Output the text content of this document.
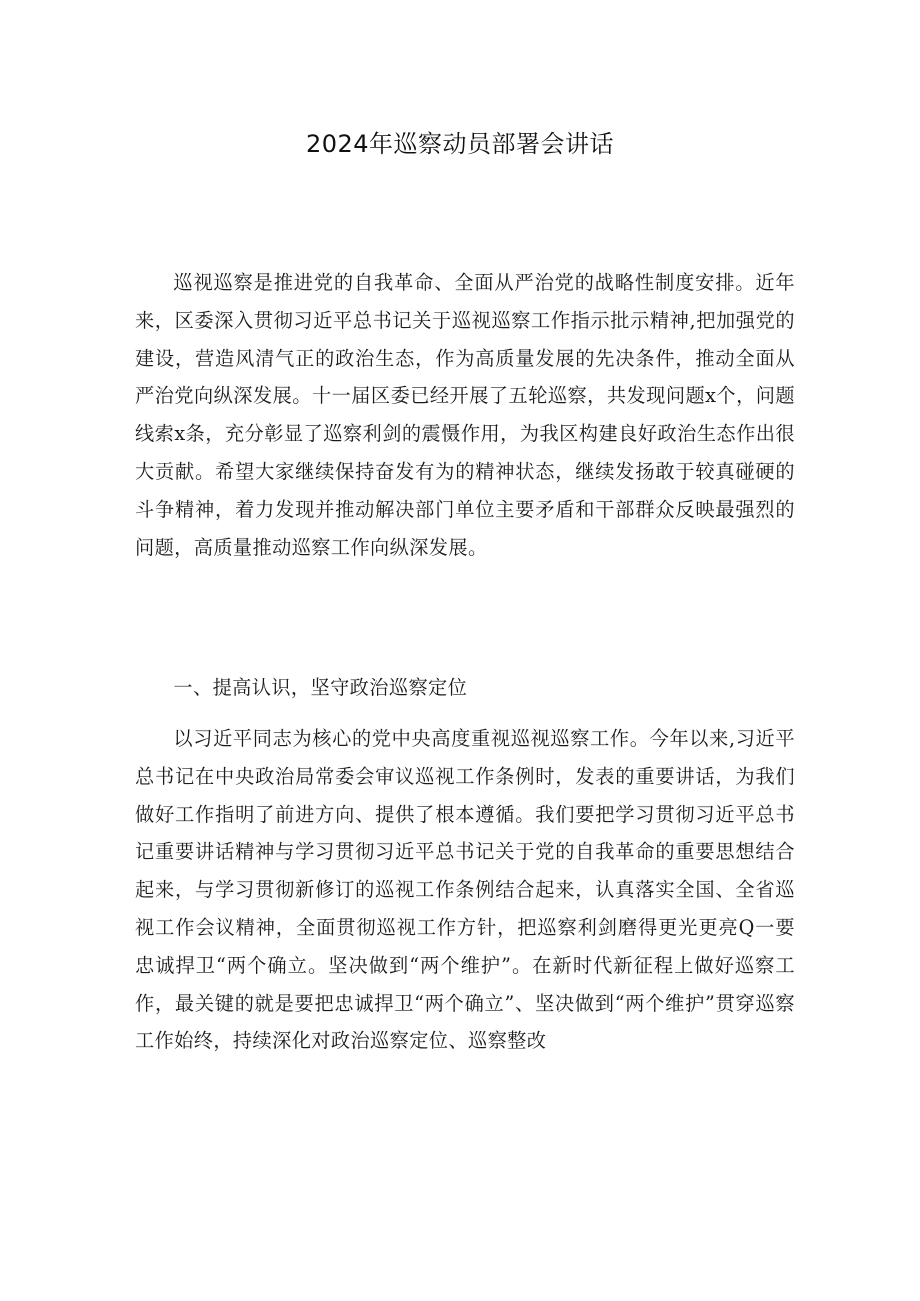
2024年巡察动员部署会讲话

巡视巡察是推进党的自我革命、全面从严治党的战略性制度安排。近年来，区委深入贯彻习近平总书记关于巡视巡察工作指示批示精神,把加强党的建设，营造风清气正的政治生态，作为高质量发展的先决条件，推动全面从严治党向纵深发展。十一届区委已经开展了五轮巡察，共发现问题x个，问题线索x条，充分彰显了巡察利剑的震慑作用，为我区构建良好政治生态作出很大贡献。希望大家继续保持奋发有为的精神状态，继续发扬敢于较真碰硬的斗争精神，着力发现并推动解决部门单位主要矛盾和干部群众反映最强烈的问题，高质量推动巡察工作向纵深发展。

一、提高认识，坚守政治巡察定位

以习近平同志为核心的党中央高度重视巡视巡察工作。今年以来,习近平总书记在中央政治局常委会审议巡视工作条例时，发表的重要讲话，为我们做好工作指明了前进方向、提供了根本遵循。我们要把学习贯彻习近平总书记重要讲话精神与学习贯彻习近平总书记关于党的自我革命的重要思想结合起来，与学习贯彻新修订的巡视工作条例结合起来，认真落实全国、全省巡视工作会议精神，全面贯彻巡视工作方针，把巡察利剑磨得更光更亮Q一要忠诚捍卫“两个确立。坚决做到“两个维护”。在新时代新征程上做好巡察工作，最关键的就是要把忠诚捍卫“两个确立”、坚决做到“两个维护”贯穿巡察工作始终，持续深化对政治巡察定位、巡察整改
